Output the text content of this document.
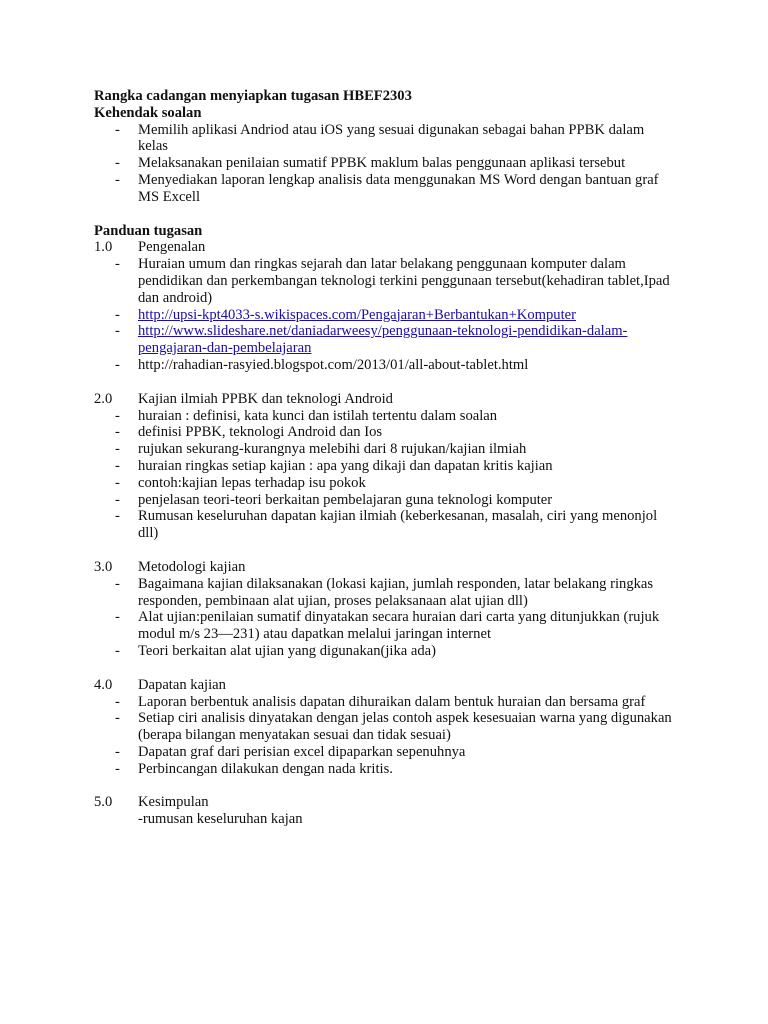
Rangka cadangan menyiapkan tugasan HBEF2303

Kehendak soalan

- Memilih aplikasi Andriod atau iOS yang sesuai digunakan sebagai bahan PPBK dalam kelas
- Melaksanakan penilaian sumatif PPBK maklum balas penggunaan aplikasi tersebut
- Menyediakan laporan lengkap analisis data menggunakan MS Word dengan bantuan graf MS Excell

Panduan tugasan

1.0 Pengenalan

- Huraian umum dan ringkas sejarah dan latar belakang penggunaan komputer dalam pendidikan dan perkembangan teknologi terkini penggunaan tersebut(kehadiran tablet,Ipad dan android)
- http://upsi-kpt4033-s.wikispaces.com/Pengajaran+Berbantukan+Komputer
- http://www.slideshare.net/daniadarweesy/penggunaan-teknologi-pendidikan-dalam-pengajaran-dan-pembelajaran
- http://rahadian-rasyied.blogspot.com/2013/01/all-about-tablet.html

2.0 Kajian ilmiah PPBK dan teknologi Android

- huraian : definisi, kata kunci dan istilah tertentu dalam soalan
- definisi PPBK, teknologi Android dan Ios
- rujukan sekurang-kurangnya melebihi dari 8 rujukan/kajian ilmiah
- huraian ringkas setiap kajian : apa yang dikaji dan dapatan kritis kajian
- contoh:kajian lepas terhadap isu pokok
- penjelasan teori-teori berkaitan pembelajaran guna teknologi komputer
- Rumusan keseluruhan dapatan kajian ilmiah (keberkesanan, masalah, ciri yang menonjol dll)

3.0 Metodologi kajian

- Bagaimana kajian dilaksanakan (lokasi kajian, jumlah responden, latar belakang ringkas responden, pembinaan alat ujian, proses pelaksanaan alat ujian dll)
- Alat ujian:penilaian sumatif dinyatakan secara huraian dari carta yang ditunjukkan (rujuk modul m/s 23—231) atau dapatkan melalui jaringan internet
- Teori berkaitan alat ujian yang digunakan(jika ada)

4.0 Dapatan kajian

- Laporan berbentuk analisis dapatan dihuraikan dalam bentuk huraian dan bersama graf
- Setiap ciri analisis dinyatakan dengan jelas contoh aspek kesesuaian warna yang digunakan (berapa bilangan menyatakan sesuai dan tidak sesuai)
- Dapatan graf dari perisian excel dipaparkan sepenuhnya
- Perbincangan dilakukan dengan nada kritis.

5.0 Kesimpulan

-rumusan keseluruhan kajan
